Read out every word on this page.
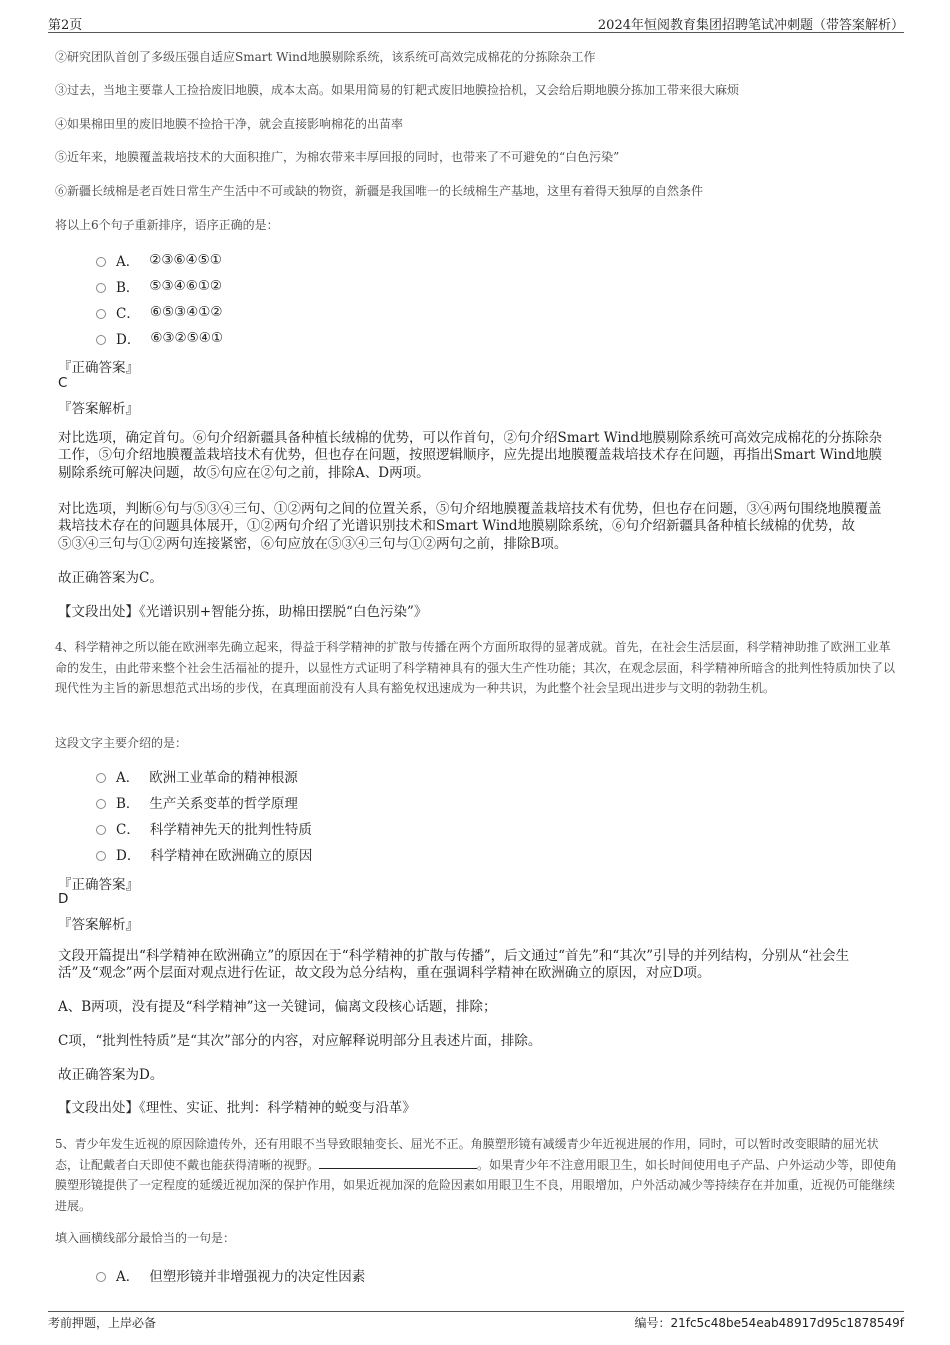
第2页	2024年恒阅教育集团招聘笔试冲刺题（带答案解析）
②研究团队首创了多级压强自适应Smart Wind地膜剔除系统，该系统可高效完成棉花的分拣除杂工作
③过去，当地主要靠人工捡拾废旧地膜，成本太高。如果用简易的钉耙式废旧地膜捡拾机，又会给后期地膜分拣加工带来很大麻烦
④如果棉田里的废旧地膜不捡拾干净，就会直接影响棉花的出苗率
⑤近年来，地膜覆盖栽培技术的大面积推广，为棉农带来丰厚回报的同时，也带来了不可避免的“白色污染”
⑥新疆长绒棉是老百姓日常生产生活中不可或缺的物资，新疆是我国唯一的长绒棉生产基地，这里有着得天独厚的自然条件
将以上6个句子重新排序，语序正确的是：
A． ②③⑥④⑤①
B． ⑤③④⑥①②
C． ⑥⑤③④①②
D． ⑥③②⑤④①
『正确答案』
C
『答案解析』
对比选项，确定首句。⑥句介绍新疆具备种植长绒棉的优势，可以作首句，②句介绍Smart Wind地膜剔除系统可高效完成棉花的分拣除杂工作，⑤句介绍地膜覆盖栽培技术有优势，但也存在问题，按照逻辑顺序，应先提出地膜覆盖栽培技术存在问题，再指出Smart Wind地膜剔除系统可解决问题，故⑤句应在②句之前，排除A、D两项。
对比选项，判断⑥句与⑤③④三句、①②两句之间的位置关系，⑤句介绍地膜覆盖栽培技术有优势，但也存在问题，③④两句围绕地膜覆盖栽培技术存在的问题具体展开，①②两句介绍了光谱识别技术和Smart Wind地膜剔除系统，⑥句介绍新疆具备种植长绒棉的优势，故⑤③④三句与①②两句连接紧密，⑥句应放在⑤③④三句与①②两句之前，排除B项。
故正确答案为C。
【文段出处】《光谱识别+智能分拣，助棉田摆脱“白色污染”》
4、科学精神之所以能在欧洲率先确立起来，得益于科学精神的扩散与传播在两个方面所取得的显著成就。首先，在社会生活层面，科学精神助推了欧洲工业革命的发生，由此带来整个社会生活福祉的提升，以显性方式证明了科学精神具有的强大生产性功能；其次，在观念层面，科学精神所暗含的批判性特质加快了以现代性为主旨的新思想范式出场的步伐，在真理面前没有人具有豁免权迅速成为一种共识，为此整个社会呈现出进步与文明的勃勃生机。
这段文字主要介绍的是：
A． 欧洲工业革命的精神根源
B． 生产关系变革的哲学原理
C． 科学精神先天的批判性特质
D． 科学精神在欧洲确立的原因
『正确答案』
D
『答案解析』
文段开篇提出“科学精神在欧洲确立”的原因在于“科学精神的扩散与传播”，后文通过“首先”和“其次”引导的并列结构，分别从“社会生活”及“观念”两个层面对观点进行佐证，故文段为总分结构，重在强调科学精神在欧洲确立的原因，对应D项。
A、B两项，没有提及“科学精神”这一关键词，偏离文段核心话题，排除；
C项，“批判性特质”是“其次”部分的内容，对应解释说明部分且表述片面，排除。
故正确答案为D。
【文段出处】《理性、实证、批判：科学精神的蜕变与沿革》
5、青少年发生近视的原因除遗传外，还有用眼不当导致眼轴变长、屈光不正。角膜塑形镜有减缓青少年近视进展的作用，同时，可以暂时改变眼睛的屈光状态，让配戴者白天即使不戴也能获得清晰的视野。	。如果青少年不注意用眼卫生，如长时间使用电子产品、户外运动少等，即使角膜塑形镜提供了一定程度的延缓近视加深的保护作用，如果近视加深的危险因素如用眼卫生不良，用眼增加，户外活动减少等持续存在并加重，近视仍可能继续进展。
填入画横线部分最恰当的一句是：
A． 但塑形镜并非增强视力的决定性因素
考前押题，上岸必备	编号：21fc5c48be54eab48917d95c1878549f
